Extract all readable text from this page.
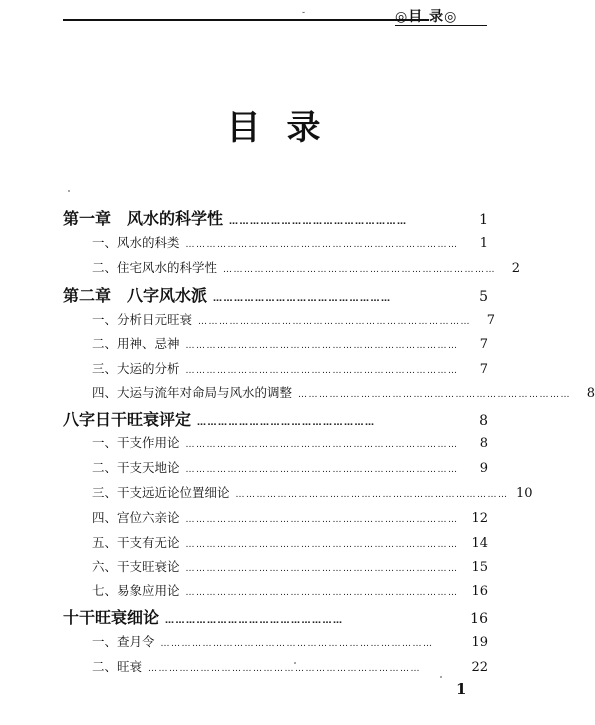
-	◎目 录◎
目录
第一章　风水的科学性 ……………………………………………	1
一、风水的科类 ……………………………………………………………………	1
二、住宅风水的科学性 ……………………………………………………………………	2
第二章　八字风水派 ……………………………………………	5
一、分析日元旺衰 ……………………………………………………………………	7
二、用神、忌神 ……………………………………………………………………	7
三、大运的分析 ……………………………………………………………………	7
四、大运与流年对命局与风水的调整 ……………………………………………………………………	8
八字日干旺衰评定 ……………………………………………	8
一、干支作用论 ……………………………………………………………………	8
二、干支天地论 ……………………………………………………………………	9
三、干支远近论位置细论 …………………………………………………………………… 10
四、宫位六亲论 …………………………………………………………………… 12
五、干支有无论 …………………………………………………………………… 14
六、干支旺衰论 …………………………………………………………………… 15
七、易象应用论 …………………………………………………………………… 16
十干旺衰细论 ……………………………………………	16
一、查月令 ……………………………………………………………………	19
二、旺衰 ……………………………………………………………………	22
1
